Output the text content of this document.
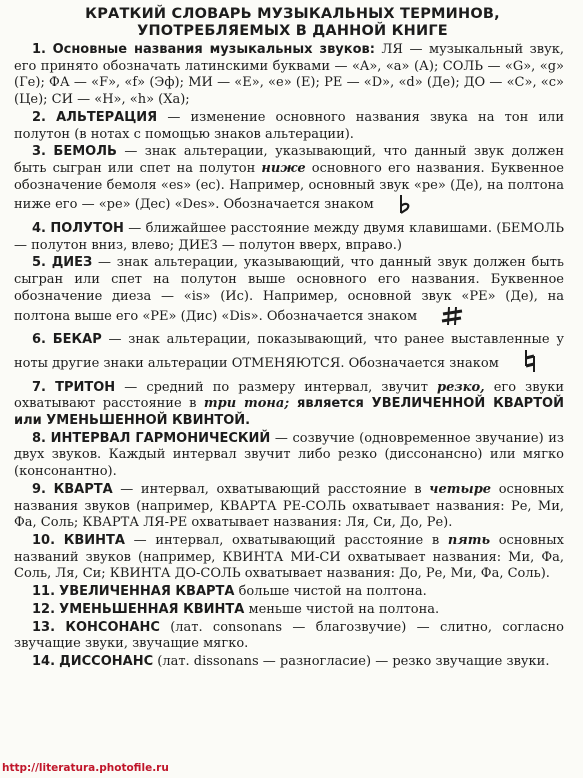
КРАТКИЙ СЛОВАРЬ МУЗЫКАЛЬНЫХ ТЕРМИНОВ,
УПОТРЕБЛЯЕМЫХ В ДАННОЙ КНИГЕ

1. Основные названия музыкальных звуков: ЛЯ — музыкальный звук, его принято обозначать латинскими буквами — «A», «a» (А); СОЛЬ — «G», «g» (Ге); ФА — «F», «f» (Эф); МИ — «E», «e» (Е); РЕ — «D», «d» (Де); ДО — «C», «c» (Це); СИ — «H», «h» (Ха);

2. АЛЬТЕРАЦИЯ — изменение основного названия звука на тон или полутон (в нотах с помощью знаков альтерации).

3. БЕМОЛЬ — знак альтерации, указывающий, что данный звук должен быть сыгран или спет на полутон ниже основного его названия. Буквенное обозначение бемоля «es» (ес). Например, основный звук «ре» (Де), на полтона ниже его — «ре» (Дес) «Des». Обозначается знаком

4. ПОЛУТОН — ближайшее расстояние между двумя клавишами. (БЕМОЛЬ — полутон вниз, влево; ДИЕЗ — полутон вверх, вправо.)

5. ДИЕЗ — знак альтерации, указывающий, что данный звук должен быть сыгран или спет на полутон выше основного его названия. Буквенное обозначение диеза — «is» (Ис). Например, основной звук «РЕ» (Де), на полтона выше его «РЕ» (Дис) «Dis». Обозначается знаком

6. БЕКАР — знак альтерации, показывающий, что ранее выставленные у ноты другие знаки альтерации ОТМЕНЯЮТСЯ. Обозначается знаком

7. ТРИТОН — средний по размеру интервал, звучит резко, его звуки охватывают расстояние в три тона; является УВЕЛИЧЕННОЙ КВАРТОЙ или УМЕНЬШЕННОЙ КВИНТОЙ.

8. ИНТЕРВАЛ ГАРМОНИЧЕСКИЙ — созвучие (одновременное звучание) из двух звуков. Каждый интервал звучит либо резко (диссонансно) или мягко (консонантно).

9. КВАРТА — интервал, охватывающий расстояние в четыре основных названия звуков (например, КВАРТА РЕ-СОЛЬ охватывает названия: Ре, Ми, Фа, Соль; КВАРТА ЛЯ-РЕ охватывает названия: Ля, Си, До, Ре).

10. КВИНТА — интервал, охватывающий расстояние в пять основных названий звуков (например, КВИНТА МИ-СИ охватывает названия: Ми, Фа, Соль, Ля, Си; КВИНТА ДО-СОЛЬ охватывает названия: До, Ре, Ми, Фа, Соль).

11. УВЕЛИЧЕННАЯ КВАРТА больше чистой на полтона.

12. УМЕНЬШЕННАЯ КВИНТА меньше чистой на полтона.

13. КОНСОНАНС (лат. consonans — благозвучие) — слитно, согласно звучащие звуки, звучащие мягко.

14. ДИССОНАНС (лат. dissonans — разногласие) — резко звучащие звуки.

http://literatura.photofile.ru
